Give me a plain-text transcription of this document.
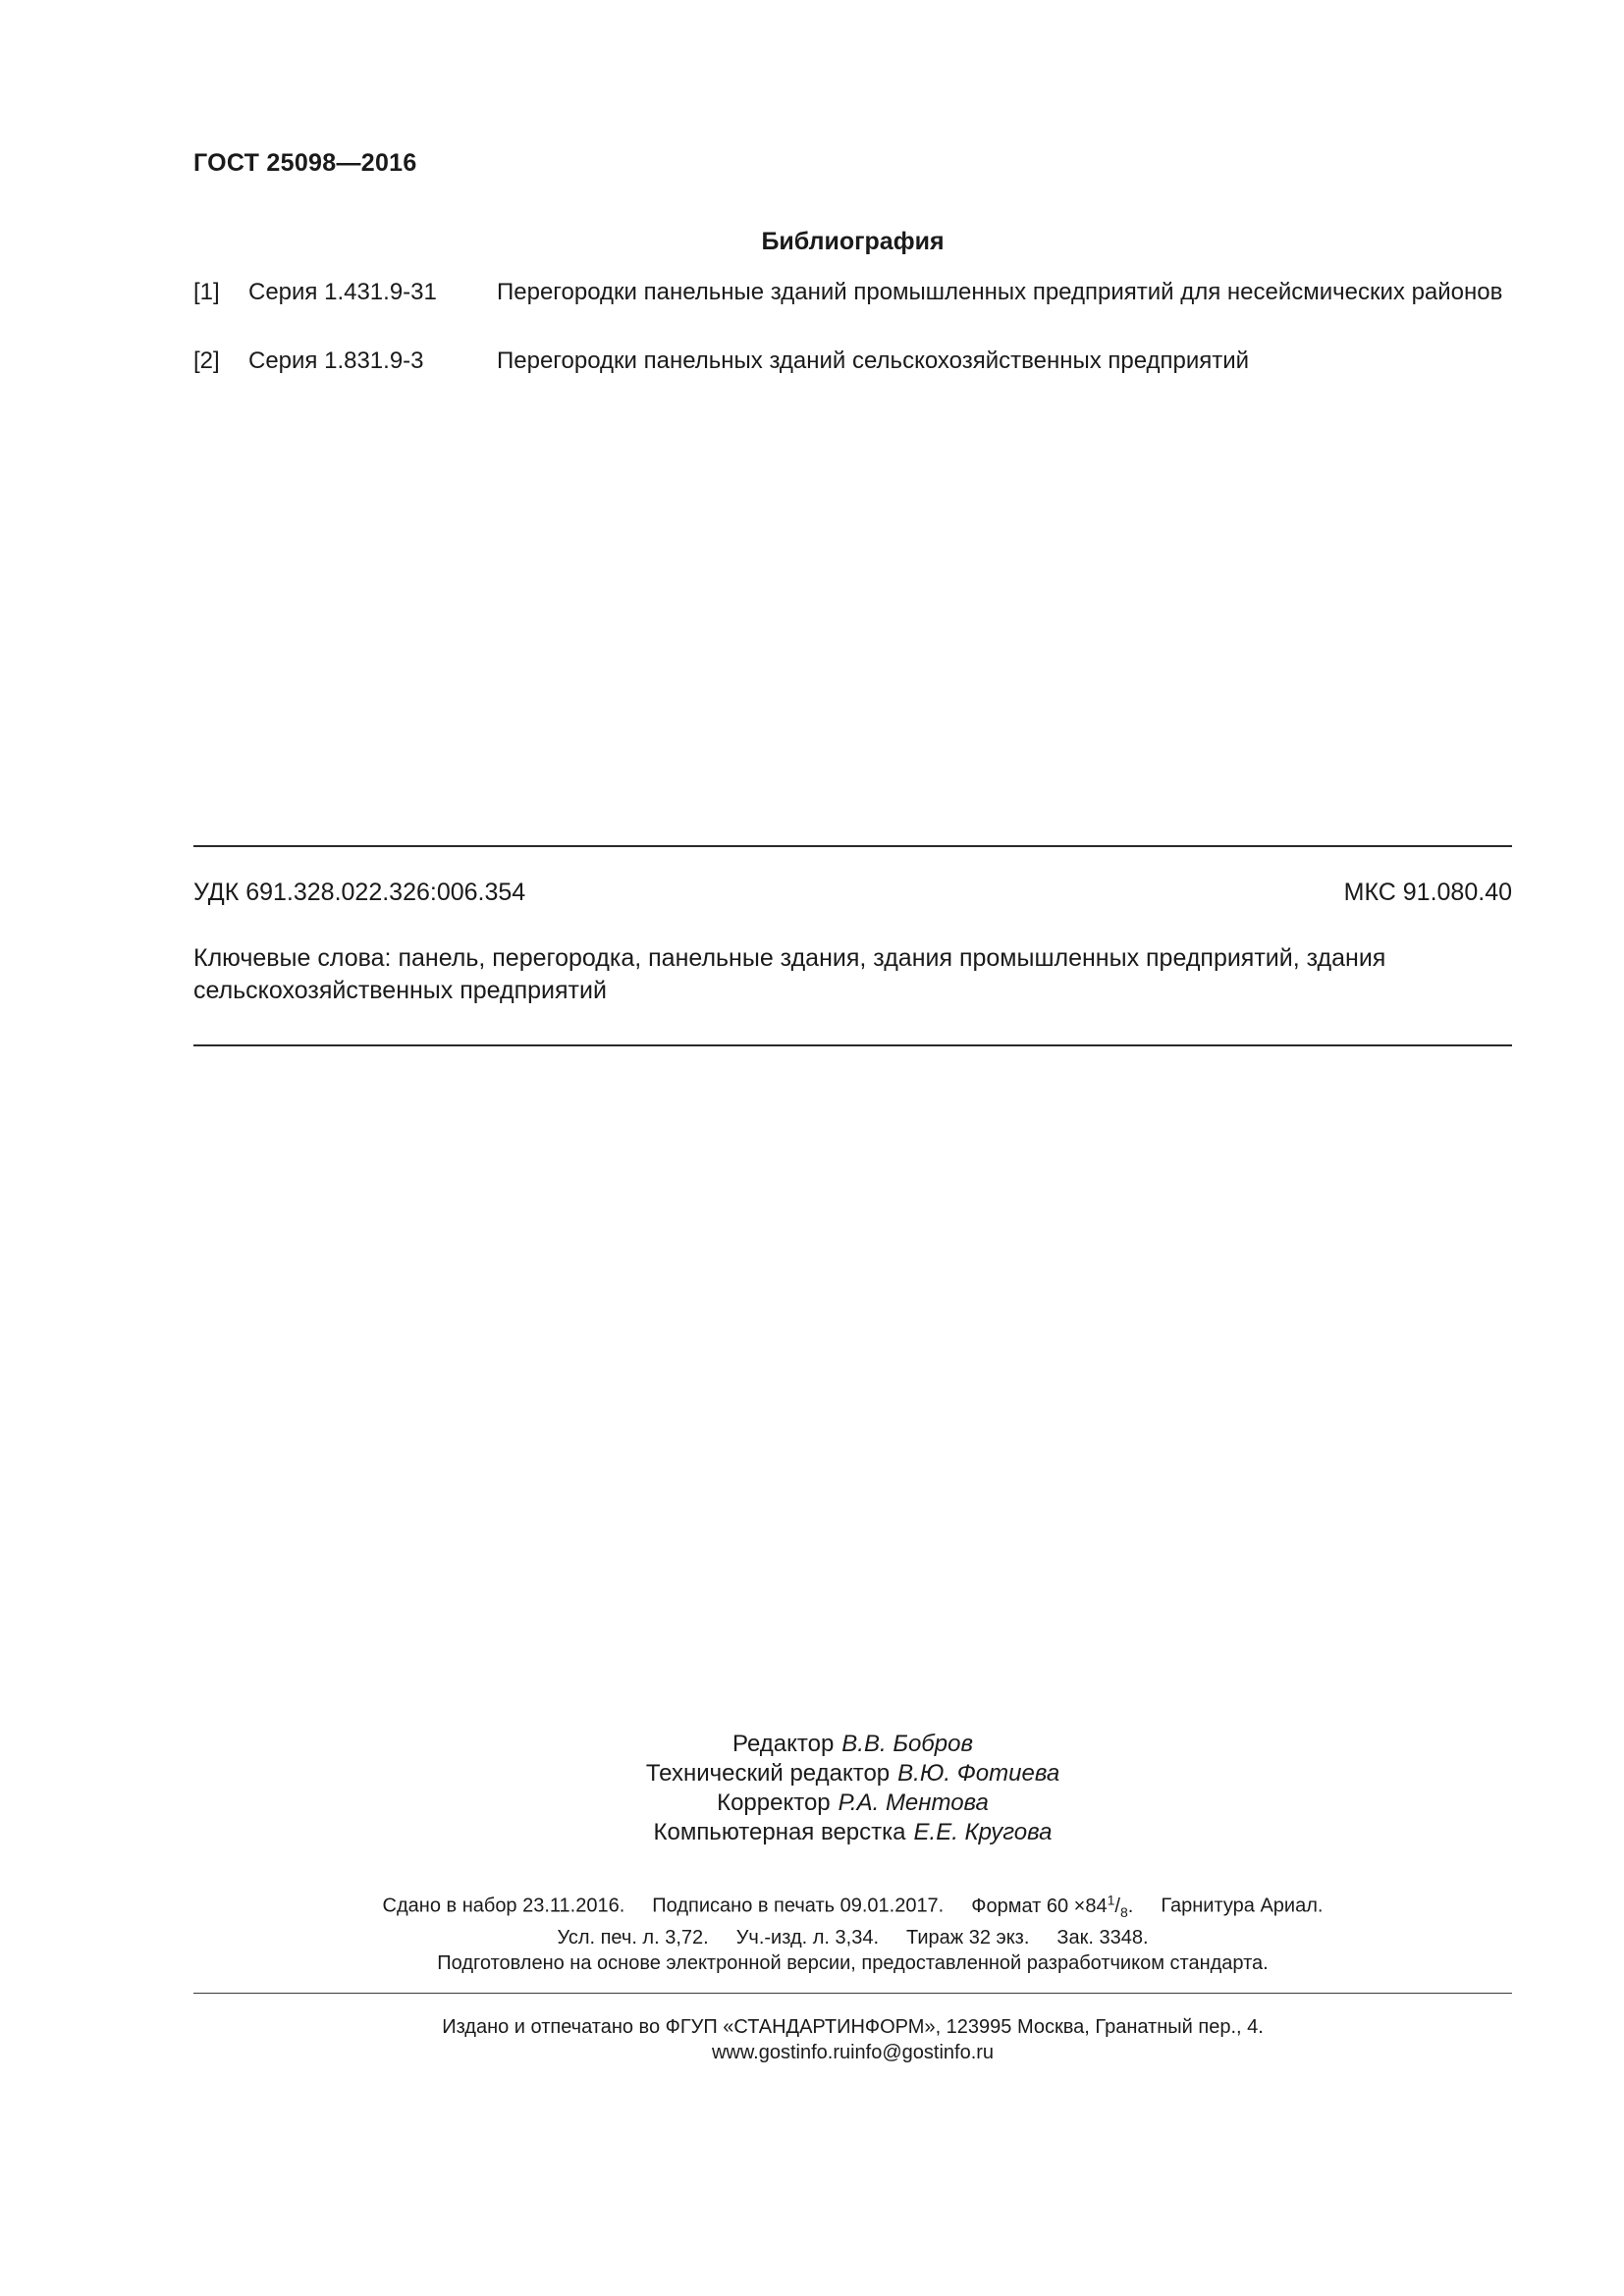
ГОСТ 25098—2016
Библиография
[1] Серия 1.431.9-31	Перегородки панельные зданий промышленных предприятий для несейсмических районов
[2] Серия 1.831.9-3	Перегородки панельных зданий сельскохозяйственных предприятий
УДК 691.328.022.326:006.354	МКС 91.080.40
Ключевые слова: панель, перегородка, панельные здания, здания промышленных предприятий, здания сельскохозяйственных предприятий
Редактор В.В. Бобров
Технический редактор В.Ю. Фотиева
Корректор Р.А. Ментова
Компьютерная верстка Е.Е. Кругова
Сдано в набор 23.11.2016. Подписано в печать 09.01.2017. Формат $60 \times 84^1/_8$. Гарнитура Ариал.
Усл. печ. л. 3,72. Уч.-изд. л. 3,34. Тираж 32 экз. Зак. 3348.
Подготовлено на основе электронной версии, предоставленной разработчиком стандарта.
Издано и отпечатано во ФГУП «СТАНДАРТИНФОРМ», 123995 Москва, Гранатный пер., 4.
www.gostinfo.ruinfo@gostinfo.ru
